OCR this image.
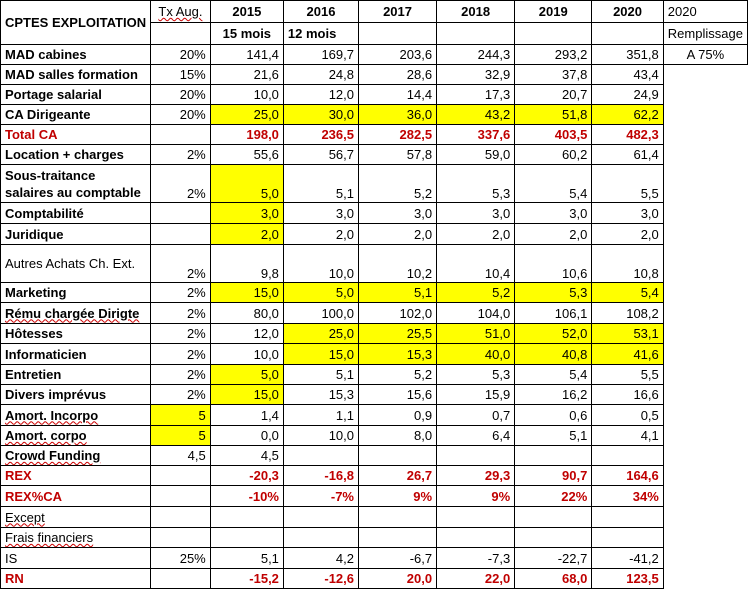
CPTES EXPLOITATION	Tx Aug.	2015	2016	2017	2018	2019	2020	2020
		15 mois	12 mois					Remplissage
MAD cabines	20%	141,4	169,7	203,6	244,3	293,2	351,8	A 75%
MAD salles formation	15%	21,6	24,8	28,6	32,9	37,8	43,4	
Portage salarial	20%	10,0	12,0	14,4	17,3	20,7	24,9	
CA Dirigeante	20%	25,0	30,0	36,0	43,2	51,8	62,2	
Total CA		198,0	236,5	282,5	337,6	403,5	482,3	
Location + charges	2%	55,6	56,7	57,8	59,0	60,2	61,4	
Sous-traitance salaires au comptable	2%	5,0	5,1	5,2	5,3	5,4	5,5	
Comptabilité		3,0	3,0	3,0	3,0	3,0	3,0	
Juridique		2,0	2,0	2,0	2,0	2,0	2,0	
Autres Achats Ch. Ext.	2%	9,8	10,0	10,2	10,4	10,6	10,8	
Marketing	2%	15,0	5,0	5,1	5,2	5,3	5,4	
Rému chargée Dirigte	2%	80,0	100,0	102,0	104,0	106,1	108,2	
Hôtesses	2%	12,0	25,0	25,5	51,0	52,0	53,1	
Informaticien	2%	10,0	15,0	15,3	40,0	40,8	41,6	
Entretien	2%	5,0	5,1	5,2	5,3	5,4	5,5	
Divers imprévus	2%	15,0	15,3	15,6	15,9	16,2	16,6	
Amort. Incorpo	5	1,4	1,1	0,9	0,7	0,6	0,5	
Amort. corpo	5	0,0	10,0	8,0	6,4	5,1	4,1	
Crowd Funding	4,5	4,5						
REX		-20,3	-16,8	26,7	29,3	90,7	164,6	
REX%CA		-10%	-7%	9%	9%	22%	34%	
Except								
Frais financiers								
IS	25%	5,1	4,2	-6,7	-7,3	-22,7	-41,2	
RN		-15,2	-12,6	20,0	22,0	68,0	123,5	
